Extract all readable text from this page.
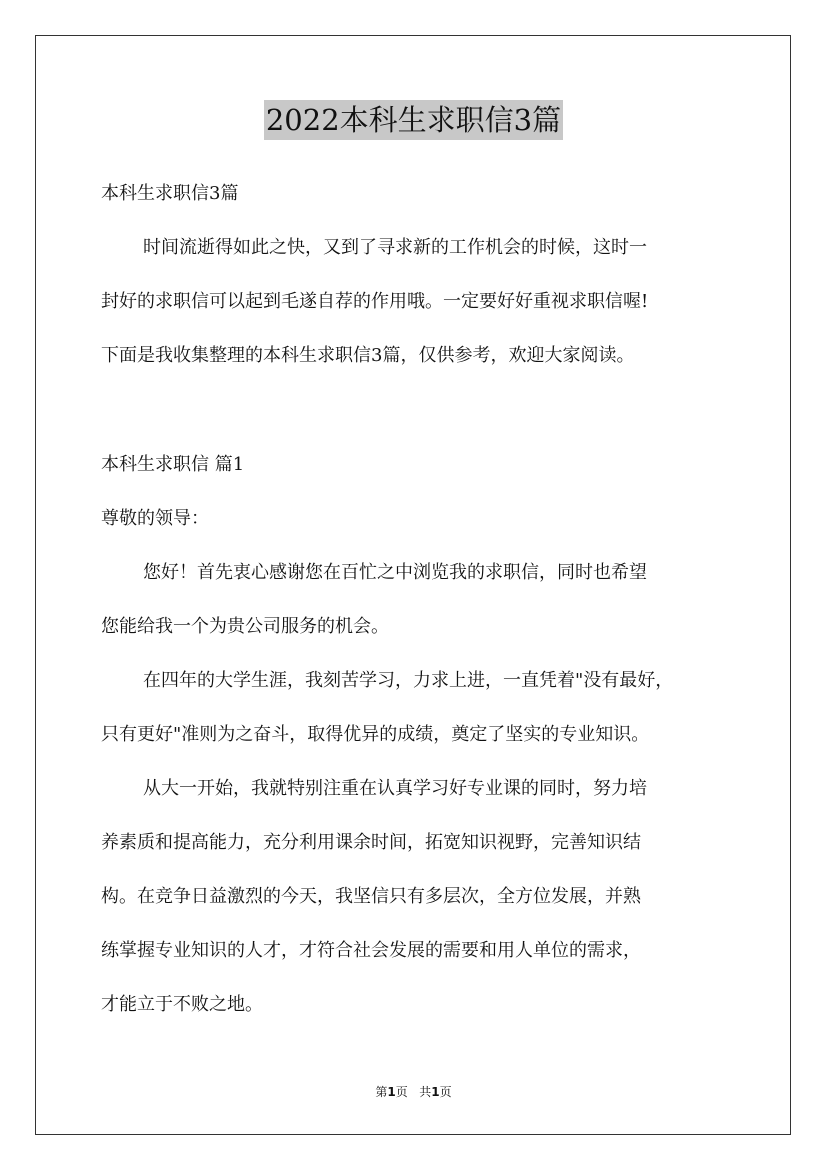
2022本科生求职信3篇
本科生求职信3篇
时间流逝得如此之快，又到了寻求新的工作机会的时候，这时一
封好的求职信可以起到毛遂自荐的作用哦。一定要好好重视求职信喔!
下面是我收集整理的本科生求职信3篇，仅供参考，欢迎大家阅读。
本科生求职信 篇1
尊敬的领导：
您好！首先衷心感谢您在百忙之中浏览我的求职信，同时也希望
您能给我一个为贵公司服务的机会。
在四年的大学生涯，我刻苦学习，力求上进，一直凭着"没有最好，
只有更好"准则为之奋斗，取得优异的成绩，奠定了坚实的专业知识。
从大一开始，我就特别注重在认真学习好专业课的同时，努力培
养素质和提高能力，充分利用课余时间，拓宽知识视野，完善知识结
构。在竞争日益激烈的今天，我坚信只有多层次，全方位发展，并熟
练掌握专业知识的人才，才符合社会发展的需要和用人单位的需求，
才能立于不败之地。
第1页 共1页
